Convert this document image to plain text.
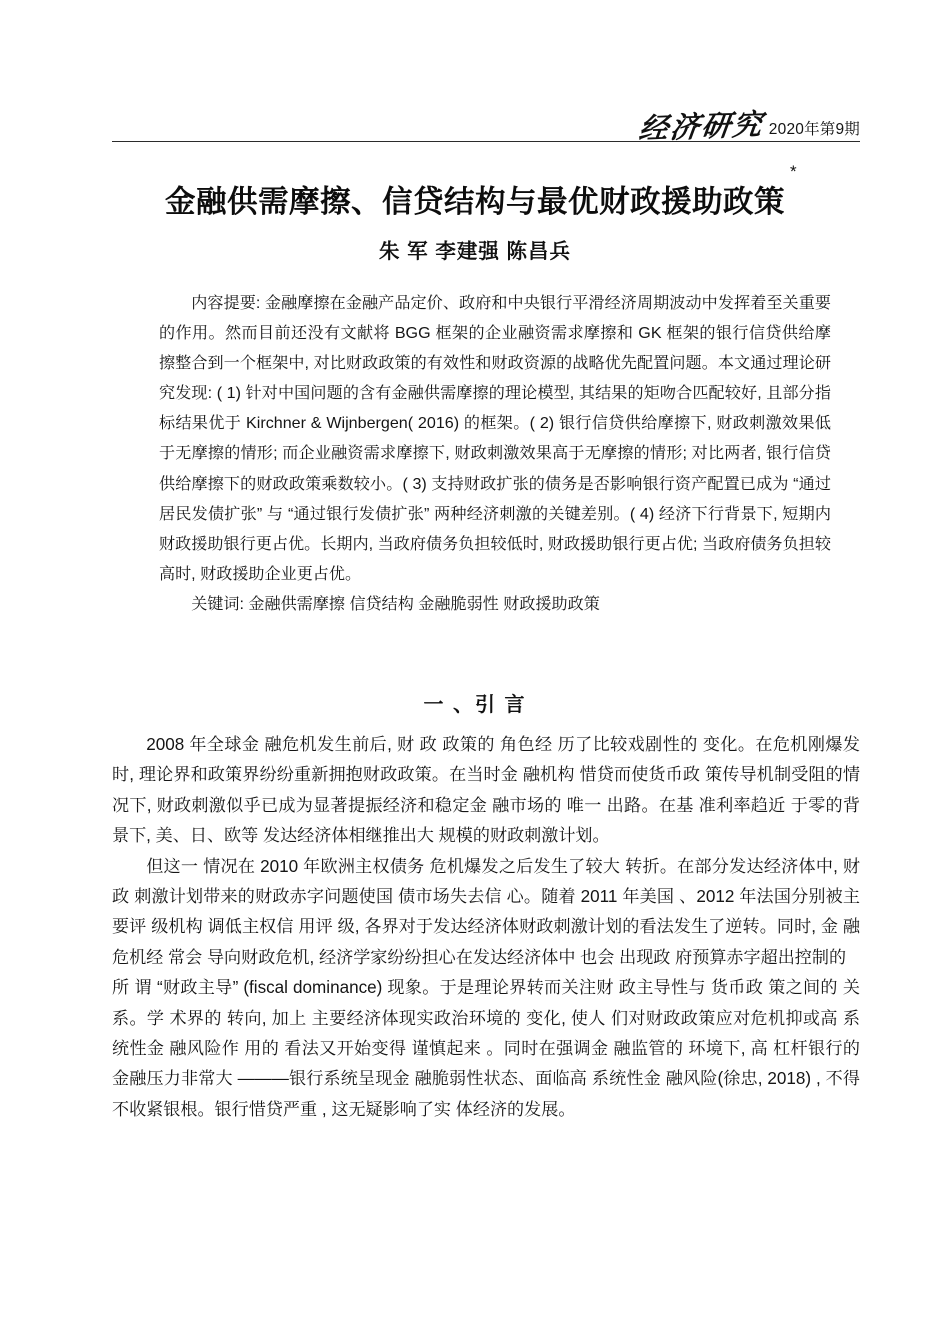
经济研究 2020年第9期
*
金融供需摩擦、信贷结构与最优财政援助政策
朱 军 李建强 陈昌兵

内容提要: 金融摩擦在金融产品定价、政府和中央银行平滑经济周期波动中发挥着至关重要的作用。然而目前还没有文献将 BGG 框架的企业融资需求摩擦和 GK 框架的银行信贷供给摩擦整合到一个框架中, 对比财政政策的有效性和财政资源的战略优先配置问题。本文通过理论研究发现: ( 1) 针对中国问题的含有金融供需摩擦的理论模型, 其结果的矩吻合匹配较好, 且部分指标结果优于 Kirchner & Wijnbergen( 2016) 的框架。( 2) 银行信贷供给摩擦下, 财政刺激效果低于无摩擦的情形; 而企业融资需求摩擦下, 财政刺激效果高于无摩擦的情形; 对比两者, 银行信贷供给摩擦下的财政政策乘数较小。( 3) 支持财政扩张的债务是否影响银行资产配置已成为 “通过居民发债扩张” 与 “通过银行发债扩张” 两种经济刺激的关键差别。( 4) 经济下行背景下, 短期内财政援助银行更占优。长期内, 当政府债务负担较低时, 财政援助银行更占优; 当政府债务负担较高时, 财政援助企业更占优。

关键词: 金融供需摩擦 信贷结构 金融脆弱性 财政援助政策

一 、引 言

2008 年全球金 融危机发生前后, 财 政 政策的 角色经 历了比较戏剧性的 变化。在危机刚爆发时, 理论界和政策界纷纷重新拥抱财政政策。在当时金 融机构 惜贷而使货币政 策传导机制受阻的情况下, 财政刺激似乎已成为显著提振经济和稳定金 融市场的 唯一 出路。在基 准利率趋近 于零的背景下, 美、日、欧等 发达经济体相继推出大 规模的财政刺激计划。

但这一 情况在 2010 年欧洲主权债务 危机爆发之后发生了较大 转折。在部分发达经济体中, 财政 刺激计划带来的财政赤字问题使国 债市场失去信 心。随着 2011 年美国 、2012 年法国分别被主要评 级机构 调低主权信 用评 级, 各界对于发达经济体财政刺激计划的看法发生了逆转。同时, 金 融危机经 常会 导向财政危机, 经济学家纷纷担心在发达经济体中 也会 出现政 府预算赤字超出控制的

所 谓 “财政主导” (fiscal dominance) 现象。于是理论界转而关注财 政主导性与 货币政 策之间的 关系。学 术界的 转向, 加上 主要经济体现实政治环境的 变化, 使人 们对财政政策应对危机抑或高 系统性金 融风险作 用的 看法又开始变得 谨慎起来 。同时在强调金 融监管的 环境下, 高 杠杆银行的 金融压力非常大 ———银行系统呈现金 融脆弱性状态、面临高 系统性金 融风险(徐忠, 2018) , 不得 不收紧银根。银行惜贷严重 , 这无疑影响了实 体经济的发展。
